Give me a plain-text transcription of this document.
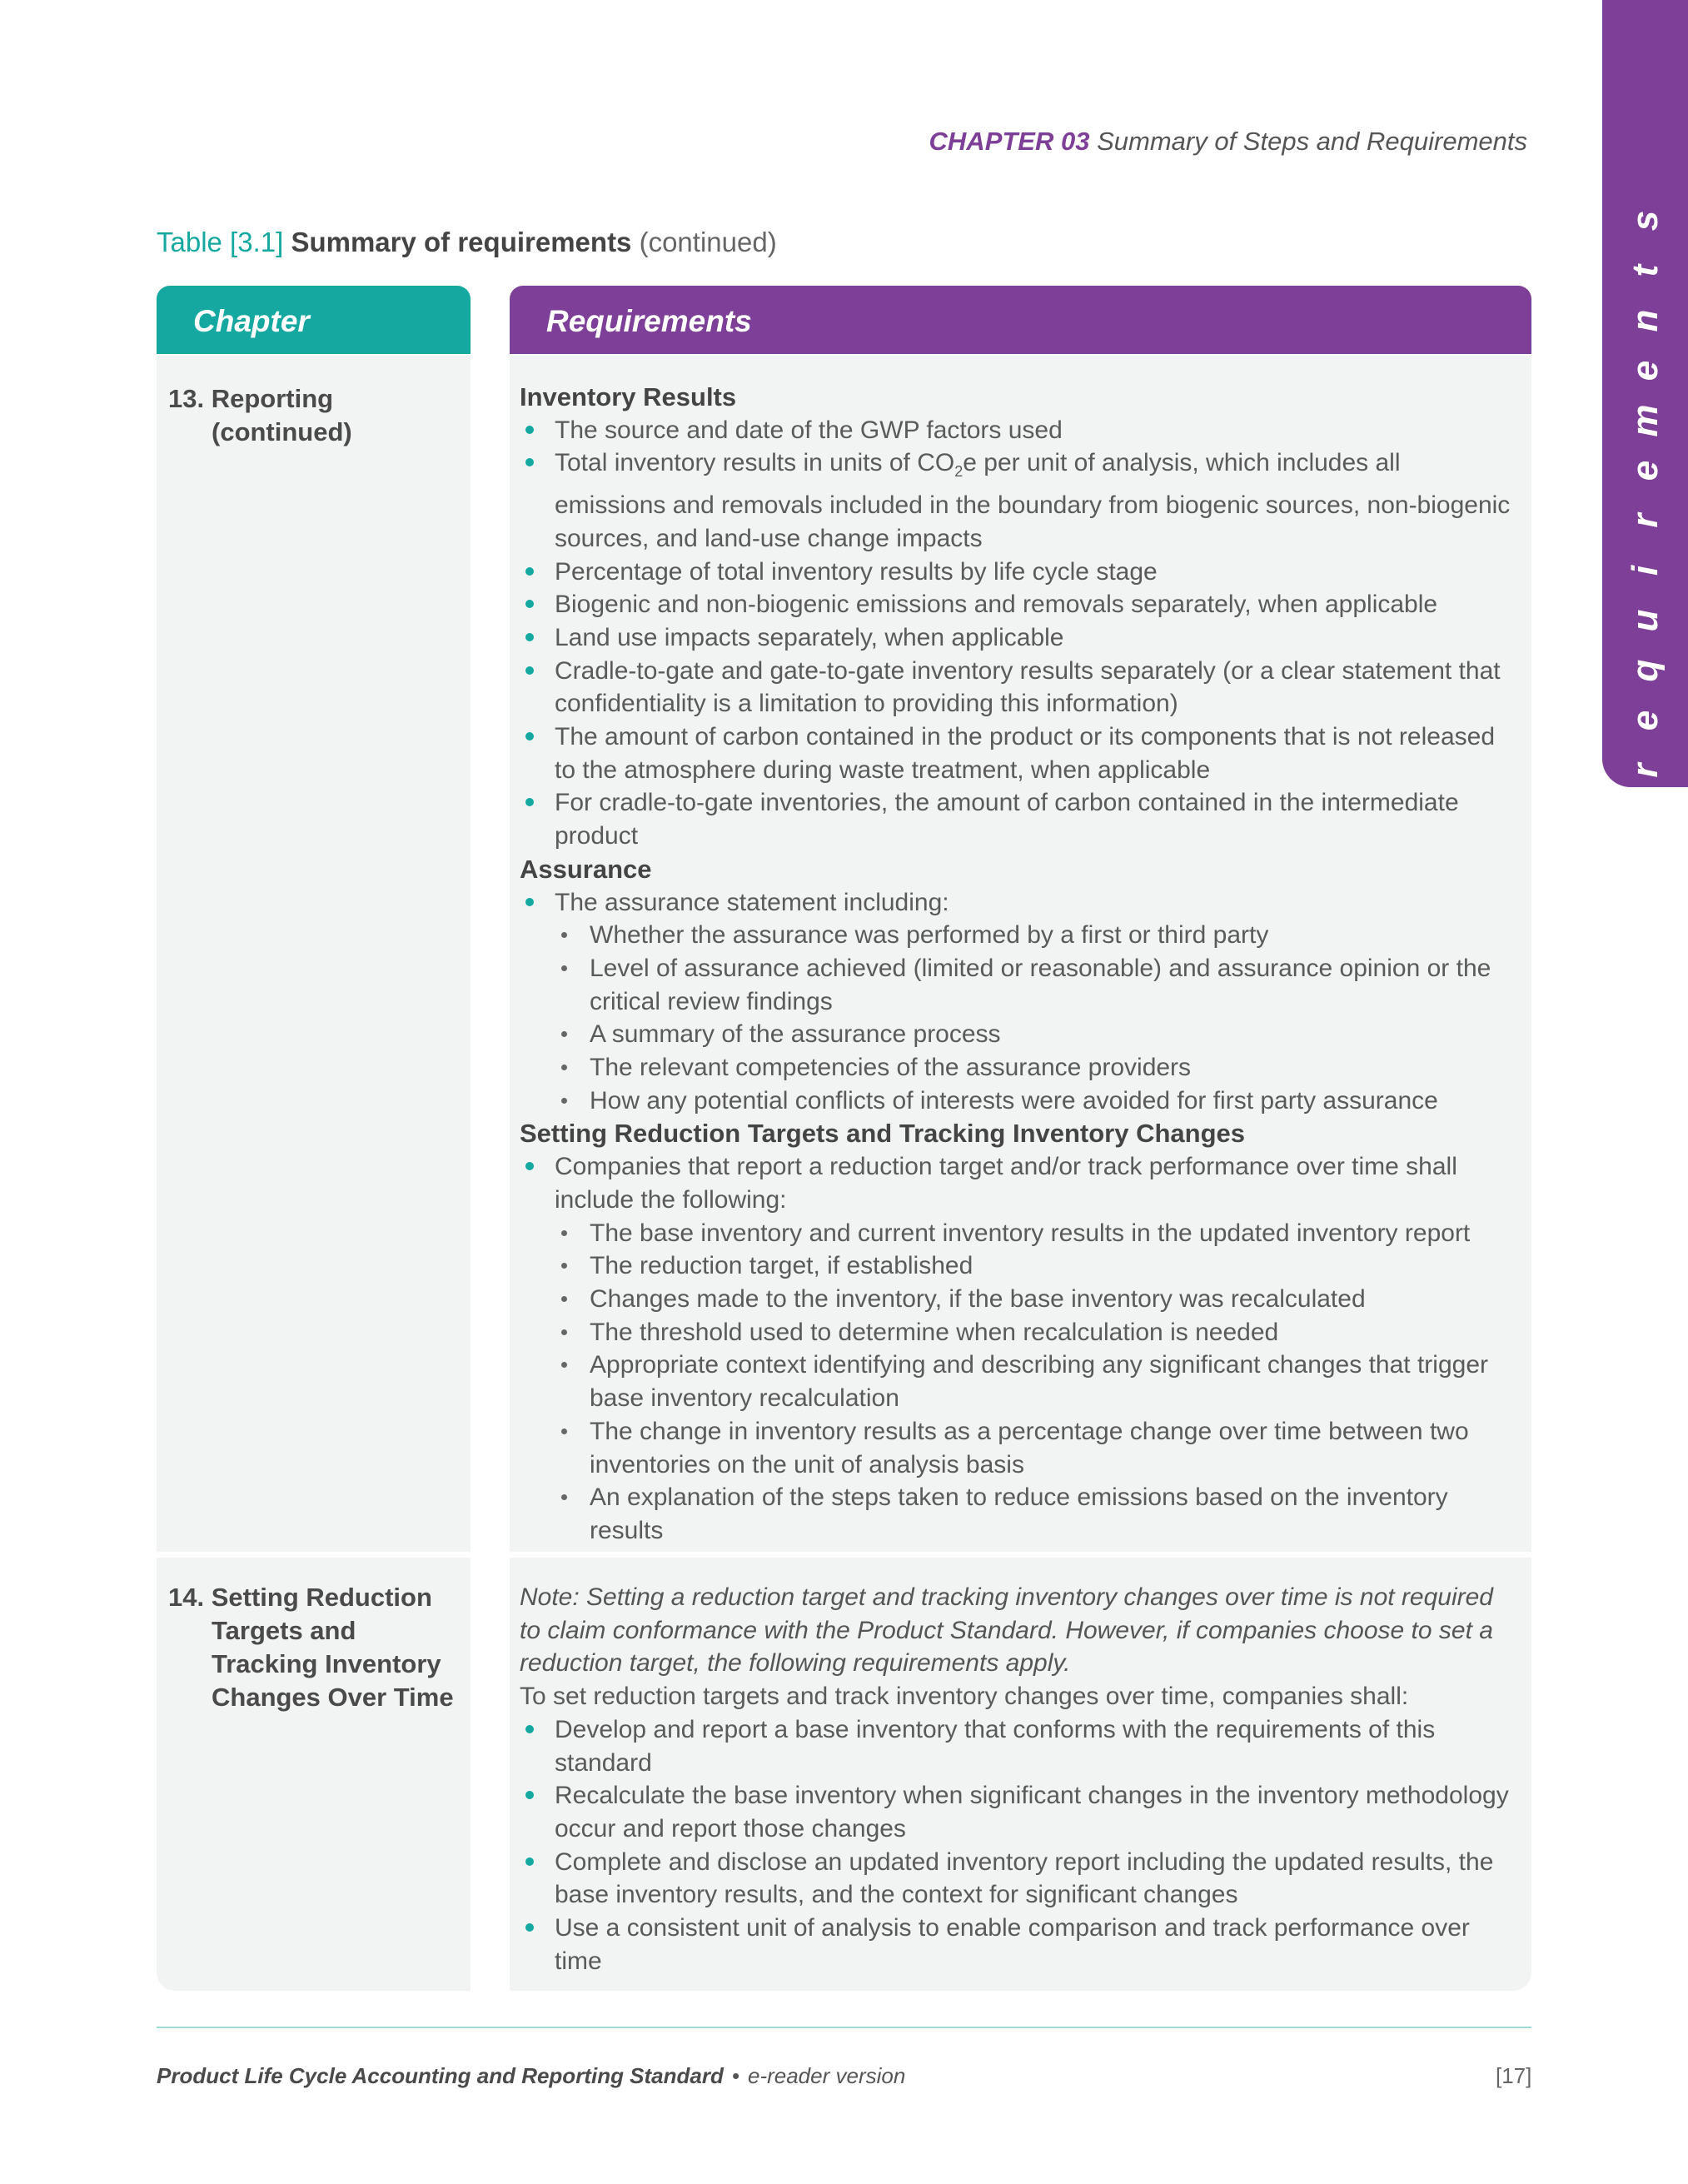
s
t
n
e
m
e
r
i
u
q
e
r
CHAPTER 03 Summary of Steps and Requirements
Table [3.1] Summary of requirements (continued)
Chapter	Requirements
13. Reporting
(continued)
Inventory Results
The source and date of the GWP factors used
Total inventory results in units of $CO_2e$ per unit of analysis, which includes all emissions and removals included in the boundary from biogenic sources, non-biogenic sources, and land-use change impacts
Percentage of total inventory results by life cycle stage
Biogenic and non-biogenic emissions and removals separately, when applicable
Land use impacts separately, when applicable
Cradle-to-gate and gate-to-gate inventory results separately (or a clear statement that confidentiality is a limitation to providing this information)
The amount of carbon contained in the product or its components that is not released to the atmosphere during waste treatment, when applicable
For cradle-to-gate inventories, the amount of carbon contained in the intermediate product
Assurance
The assurance statement including:
Whether the assurance was performed by a first or third party
Level of assurance achieved (limited or reasonable) and assurance opinion or the critical review findings
A summary of the assurance process
The relevant competencies of the assurance providers
How any potential conflicts of interests were avoided for first party assurance
Setting Reduction Targets and Tracking Inventory Changes
Companies that report a reduction target and/or track performance over time shall include the following:
The base inventory and current inventory results in the updated inventory report
The reduction target, if established
Changes made to the inventory, if the base inventory was recalculated
The threshold used to determine when recalculation is needed
Appropriate context identifying and describing any significant changes that trigger base inventory recalculation
The change in inventory results as a percentage change over time between two inventories on the unit of analysis basis
An explanation of the steps taken to reduce emissions based on the inventory results
14. Setting Reduction
Targets and
Tracking Inventory
Changes Over Time
Note: Setting a reduction target and tracking inventory changes over time is not required to claim conformance with the Product Standard. However, if companies choose to set a reduction target, the following requirements apply.
To set reduction targets and track inventory changes over time, companies shall:
Develop and report a base inventory that conforms with the requirements of this standard
Recalculate the base inventory when significant changes in the inventory methodology occur and report those changes
Complete and disclose an updated inventory report including the updated results, the base inventory results, and the context for significant changes
Use a consistent unit of analysis to enable comparison and track performance over time
Product Life Cycle Accounting and Reporting Standard • e-reader version	[17]
